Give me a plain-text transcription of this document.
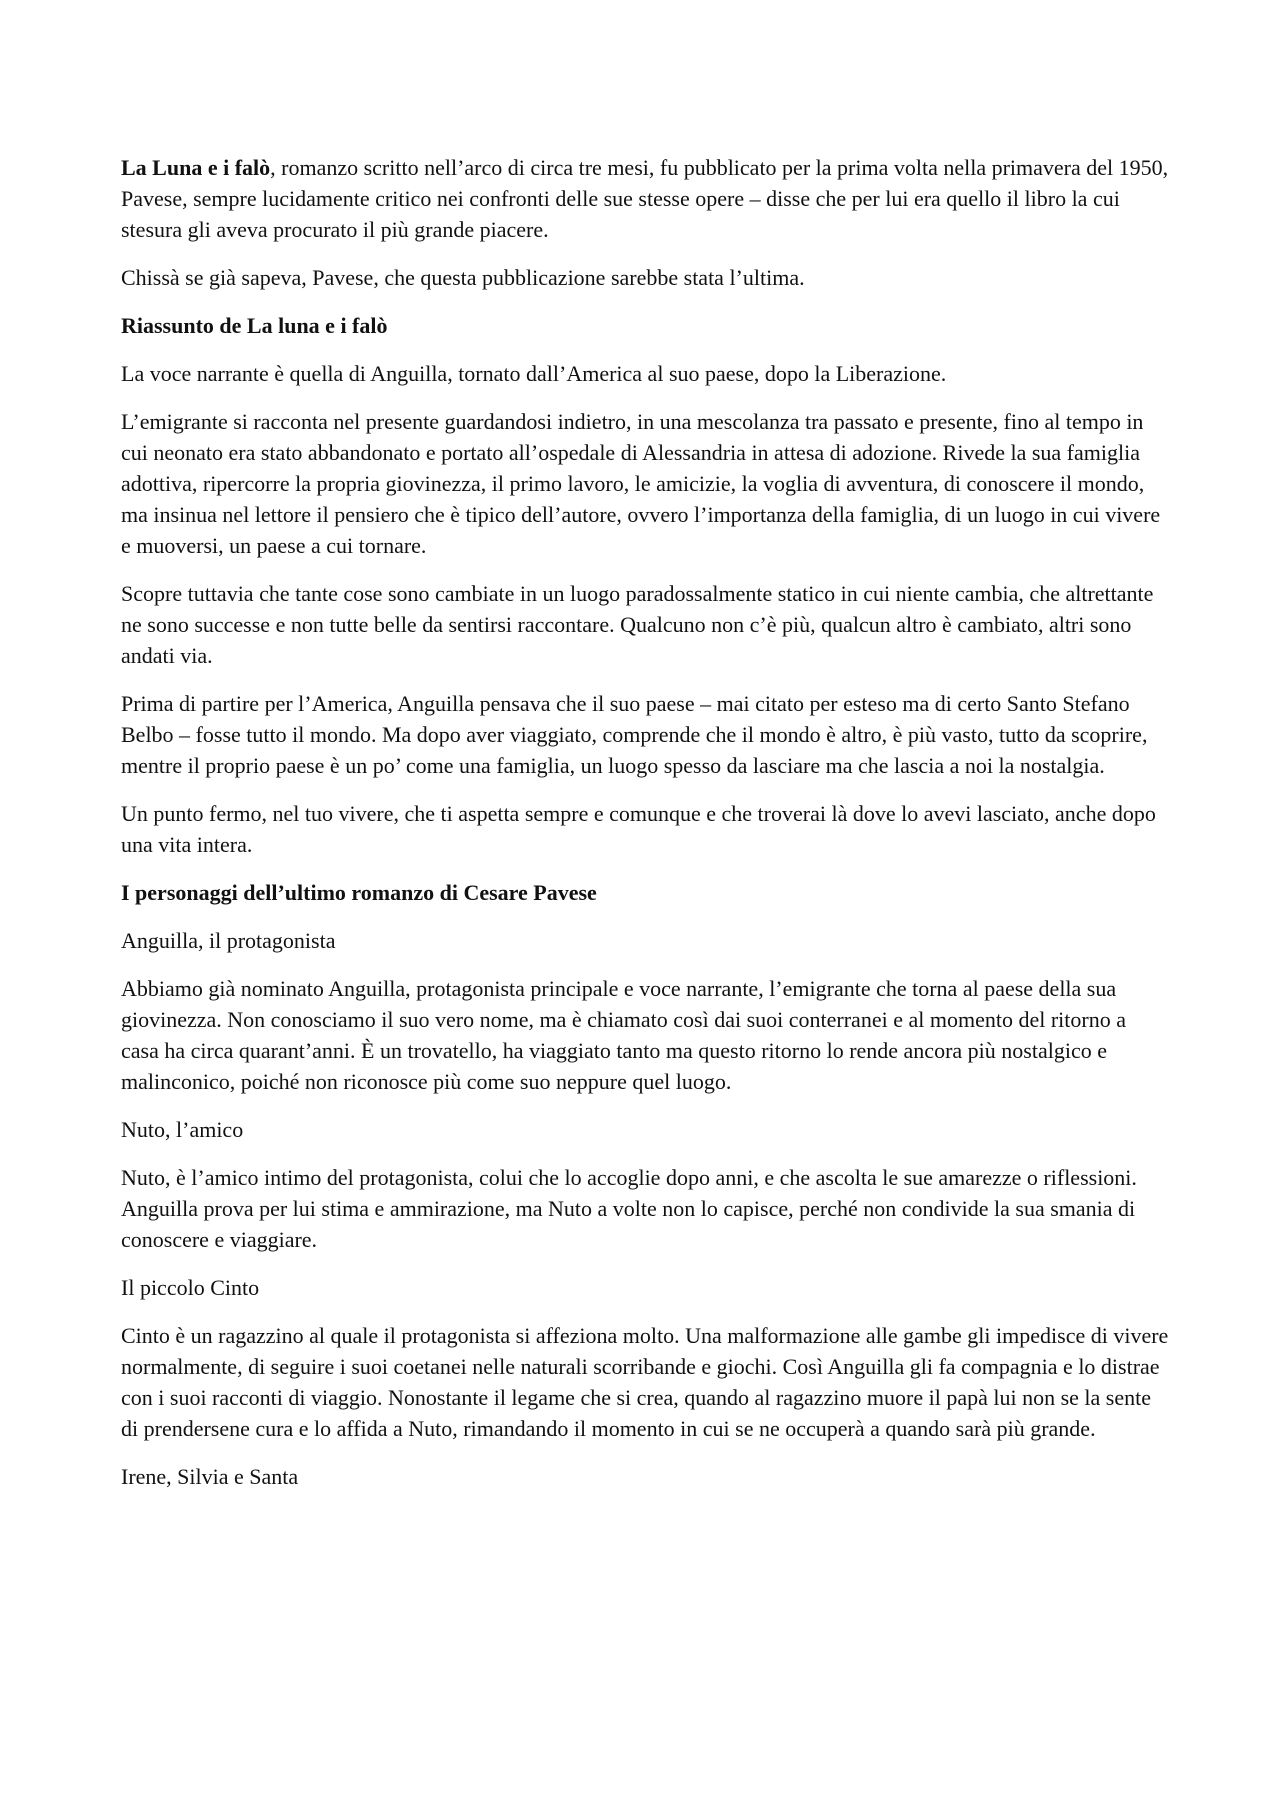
La Luna e i falò, romanzo scritto nell’arco di circa tre mesi, fu pubblicato per la prima volta nella primavera del 1950, Pavese, sempre lucidamente critico nei confronti delle sue stesse opere – disse che per lui era quello il libro la cui stesura gli aveva procurato il più grande piacere.

Chissà se già sapeva, Pavese, che questa pubblicazione sarebbe stata l’ultima.

Riassunto de La luna e i falò

La voce narrante è quella di Anguilla, tornato dall’America al suo paese, dopo la Liberazione.

L’emigrante si racconta nel presente guardandosi indietro, in una mescolanza tra passato e presente, fino al tempo in cui neonato era stato abbandonato e portato all’ospedale di Alessandria in attesa di adozione. Rivede la sua famiglia adottiva, ripercorre la propria giovinezza, il primo lavoro, le amicizie, la voglia di avventura, di conoscere il mondo, ma insinua nel lettore il pensiero che è tipico dell’autore, ovvero l’importanza della famiglia, di un luogo in cui vivere e muoversi, un paese a cui tornare.

Scopre tuttavia che tante cose sono cambiate in un luogo paradossalmente statico in cui niente cambia, che altrettante ne sono successe e non tutte belle da sentirsi raccontare. Qualcuno non c’è più, qualcun altro è cambiato, altri sono andati via.

Prima di partire per l’America, Anguilla pensava che il suo paese – mai citato per esteso ma di certo Santo Stefano Belbo – fosse tutto il mondo. Ma dopo aver viaggiato, comprende che il mondo è altro, è più vasto, tutto da scoprire, mentre il proprio paese è un po’ come una famiglia, un luogo spesso da lasciare ma che lascia a noi la nostalgia.

Un punto fermo, nel tuo vivere, che ti aspetta sempre e comunque e che troverai là dove lo avevi lasciato, anche dopo una vita intera.

I personaggi dell’ultimo romanzo di Cesare Pavese

Anguilla, il protagonista

Abbiamo già nominato Anguilla, protagonista principale e voce narrante, l’emigrante che torna al paese della sua giovinezza. Non conosciamo il suo vero nome, ma è chiamato così dai suoi conterranei e al momento del ritorno a casa ha circa quarant’anni. È un trovatello, ha viaggiato tanto ma questo ritorno lo rende ancora più nostalgico e malinconico, poiché non riconosce più come suo neppure quel luogo.

Nuto, l’amico

Nuto, è l’amico intimo del protagonista, colui che lo accoglie dopo anni, e che ascolta le sue amarezze o riflessioni. Anguilla prova per lui stima e ammirazione, ma Nuto a volte non lo capisce, perché non condivide la sua smania di conoscere e viaggiare.

Il piccolo Cinto

Cinto è un ragazzino al quale il protagonista si affeziona molto. Una malformazione alle gambe gli impedisce di vivere normalmente, di seguire i suoi coetanei nelle naturali scorribande e giochi. Così Anguilla gli fa compagnia e lo distrae con i suoi racconti di viaggio. Nonostante il legame che si crea, quando al ragazzino muore il papà lui non se la sente di prendersene cura e lo affida a Nuto, rimandando il momento in cui se ne occuperà a quando sarà più grande.

Irene, Silvia e Santa
